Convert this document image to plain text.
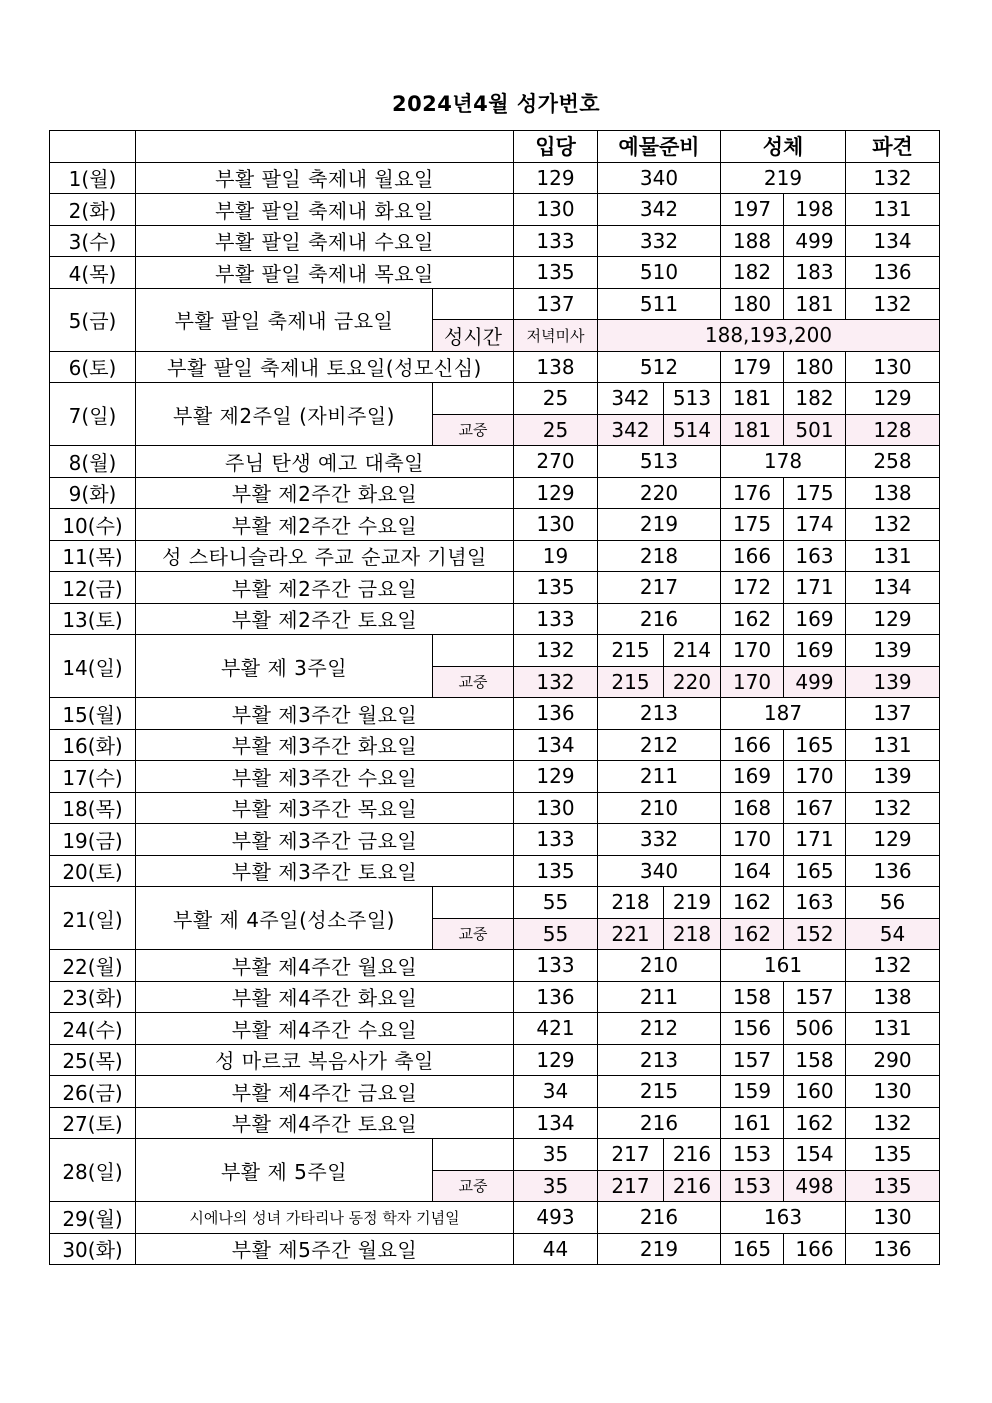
2024년4월 성가번호
			입당	예물준비		성체		파견
1(월)	부활 팔일 축제내 월요일		129	340		219		132
2(화)	부활 팔일 축제내 화요일		130	342		197	198	131
3(수)	부활 팔일 축제내 수요일		133	332		188	499	134
4(목)	부활 팔일 축제내 목요일		135	510		182	183	136
5(금)	부활 팔일 축제내 금요일		137	511		180	181	132
		성시간	저녁미사	188,193,200				
6(토)	부활 팔일 축제내 토요일(성모신심)		138	512		179	180	130
7(일)	부활 제2주일 (자비주일)		25	342	513	181	182	129
		교중	25	342	514	181	501	128
8(월)	주님 탄생 예고 대축일		270	513		178		258
9(화)	부활 제2주간 화요일		129	220		176	175	138
10(수)	부활 제2주간 수요일		130	219		175	174	132
11(목)	성 스타니슬라오 주교 순교자 기념일		19	218		166	163	131
12(금)	부활 제2주간 금요일		135	217		172	171	134
13(토)	부활 제2주간 토요일		133	216		162	169	129
14(일)	부활 제 3주일		132	215	214	170	169	139
		교중	132	215	220	170	499	139
15(월)	부활 제3주간 월요일		136	213		187		137
16(화)	부활 제3주간 화요일		134	212		166	165	131
17(수)	부활 제3주간 수요일		129	211		169	170	139
18(목)	부활 제3주간 목요일		130	210		168	167	132
19(금)	부활 제3주간 금요일		133	332		170	171	129
20(토)	부활 제3주간 토요일		135	340		164	165	136
21(일)	부활 제 4주일(성소주일)		55	218	219	162	163	56
		교중	55	221	218	162	152	54
22(월)	부활 제4주간 월요일		133	210		161		132
23(화)	부활 제4주간 화요일		136	211		158	157	138
24(수)	부활 제4주간 수요일		421	212		156	506	131
25(목)	성 마르코 복음사가 축일		129	213		157	158	290
26(금)	부활 제4주간 금요일		34	215		159	160	130
27(토)	부활 제4주간 토요일		134	216		161	162	132
28(일)	부활 제 5주일		35	217	216	153	154	135
		교중	35	217	216	153	498	135
29(월)	시에나의 성녀 가타리나 동정 학자 기념일		493	216		163		130
30(화)	부활 제5주간 월요일		44	219		165	166	136
